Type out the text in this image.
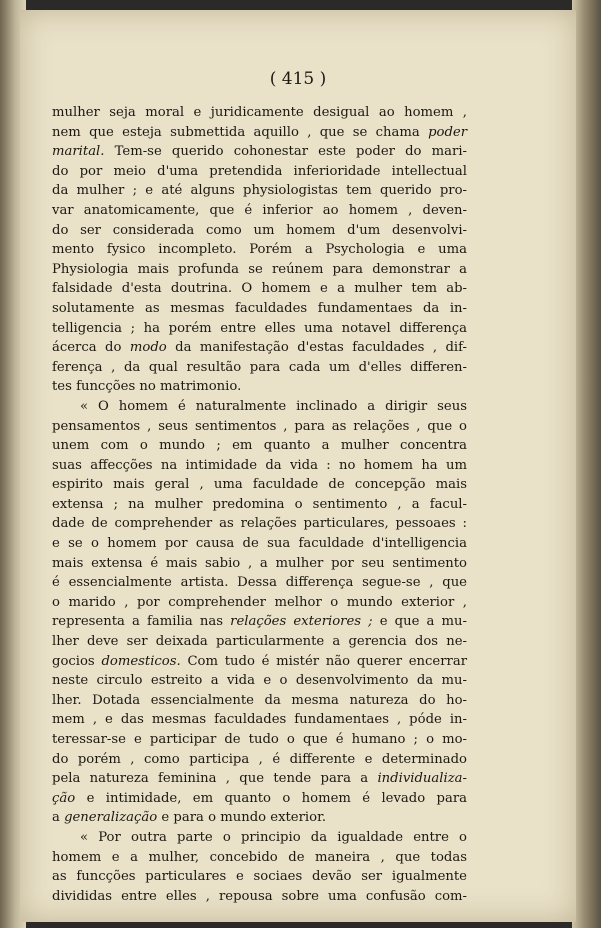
( 415 )
mulher seja moral e juridicamente desigual ao homem ,
nem que esteja submettida aquillo , que se chama poder
marital. Tem-se querido cohonestar este poder do mari-
do por meio d'uma pretendida inferioridade intellectual
da mulher ; e até alguns physiologistas tem querido pro-
var anatomicamente, que é inferior ao homem , deven-
do ser considerada como um homem d'um desenvolvi-
mento fysico incompleto. Porém a Psychologia e uma
Physiologia mais profunda se reúnem para demonstrar a
falsidade d'esta doutrina. O homem e a mulher tem ab-
solutamente as mesmas faculdades fundamentaes da in-
telligencia ; ha porém entre elles uma notavel differença
ácerca do modo da manifestação d'estas faculdades , dif-
ferença , da qual resultão para cada um d'elles differen-
tes funcções no matrimonio.
« O homem é naturalmente inclinado a dirigir seus
pensamentos , seus sentimentos , para as relações , que o
unem com o mundo ; em quanto a mulher concentra
suas affecções na intimidade da vida : no homem ha um
espirito mais geral , uma faculdade de concepção mais
extensa ; na mulher predomina o sentimento , a facul-
dade de comprehender as relações particulares, pessoaes :
e se o homem por causa de sua faculdade d'intelligencia
mais extensa é mais sabio , a mulher por seu sentimento
é essencialmente artista. Dessa differença segue-se , que
o marido , por comprehender melhor o mundo exterior ,
representa a familia nas relações exteriores ; e que a mu-
lher deve ser deixada particularmente a gerencia dos ne-
gocios domesticos. Com tudo é mistér não querer encerrar
neste circulo estreito a vida e o desenvolvimento da mu-
lher. Dotada essencialmente da mesma natureza do ho-
mem , e das mesmas faculdades fundamentaes , póde in-
teressar-se e participar de tudo o que é humano ; o mo-
do porém , como participa , é differente e determinado
pela natureza feminina , que tende para a individualiza-
ção e intimidade, em quanto o homem é levado para
a generalização e para o mundo exterior.
« Por outra parte o principio da igualdade entre o
homem e a mulher, concebido de maneira , que todas
as funcções particulares e sociaes devão ser igualmente
divididas entre elles , repousa sobre uma confusão com-
